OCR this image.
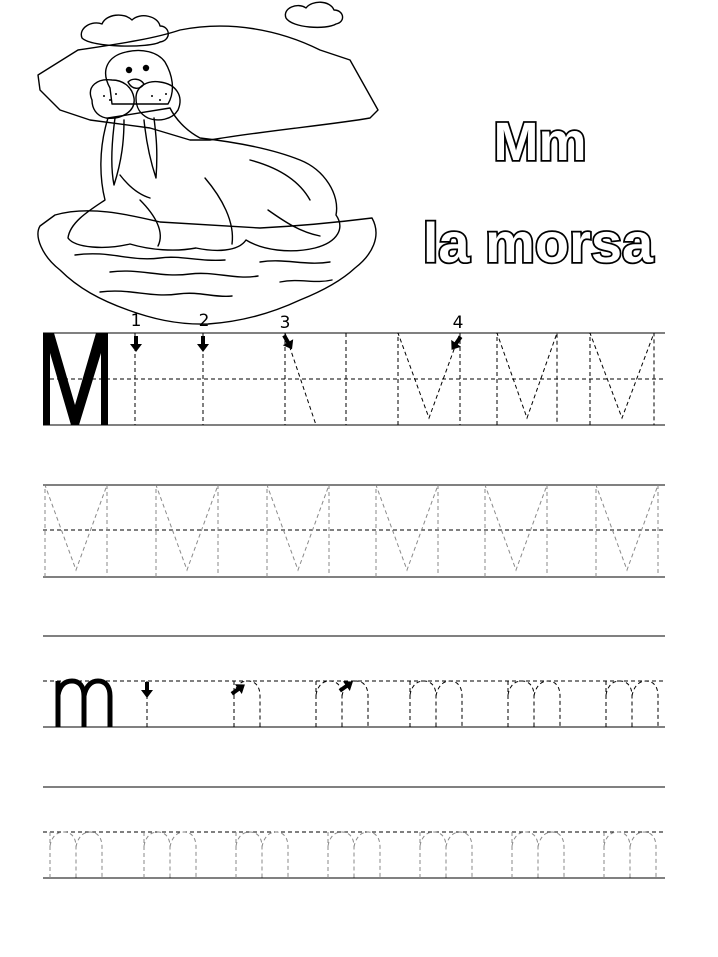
Mm
la morsa
1	2	3	4
